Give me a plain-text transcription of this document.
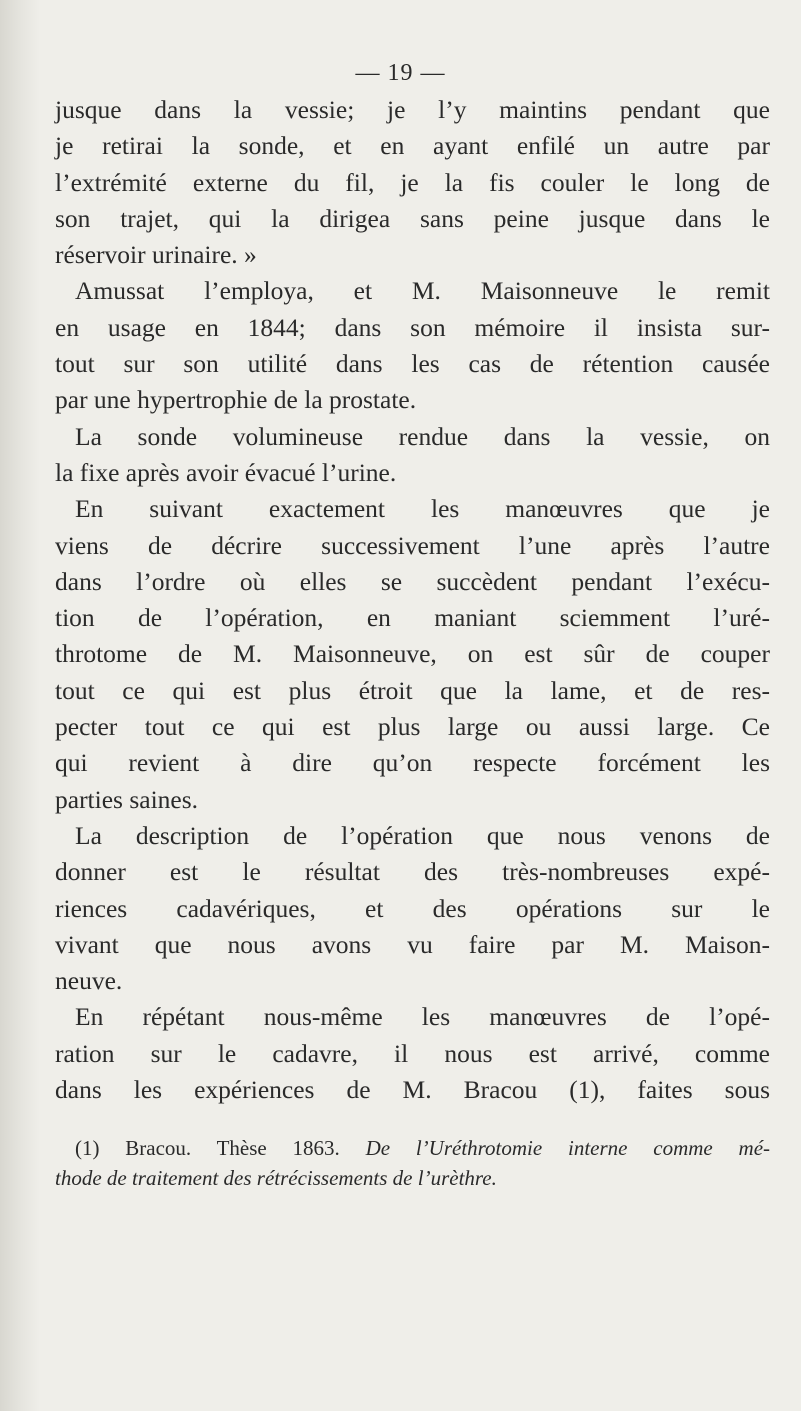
— 19 —
jusque dans la vessie; je l’y maintins pendant que
je retirai la sonde, et en ayant enfilé un autre par
l’extrémité externe du fil, je la fis couler le long de
son trajet, qui la dirigea sans peine jusque dans le
réservoir urinaire. »
Amussat l’employa, et M. Maisonneuve le remit
en usage en 1844; dans son mémoire il insista sur-
tout sur son utilité dans les cas de rétention causée
par une hypertrophie de la prostate.
La sonde volumineuse rendue dans la vessie, on
la fixe après avoir évacué l’urine.
En suivant exactement les manœuvres que je
viens de décrire successivement l’une après l’autre
dans l’ordre où elles se succèdent pendant l’exécu-
tion de l’opération, en maniant sciemment l’uré-
throtome de M. Maisonneuve, on est sûr de couper
tout ce qui est plus étroit que la lame, et de res-
pecter tout ce qui est plus large ou aussi large. Ce
qui revient à dire qu’on respecte forcément les
parties saines.
La description de l’opération que nous venons de
donner est le résultat des très-nombreuses expé-
riences cadavériques, et des opérations sur le
vivant que nous avons vu faire par M. Maison-
neuve.
En répétant nous-même les manœuvres de l’opé-
ration sur le cadavre, il nous est arrivé, comme
dans les expériences de M. Bracou (1), faites sous
(1) Bracou. Thèse 1863. De l’Uréthrotomie interne comme mé-
thode de traitement des rétrécissements de l’urèthre.
